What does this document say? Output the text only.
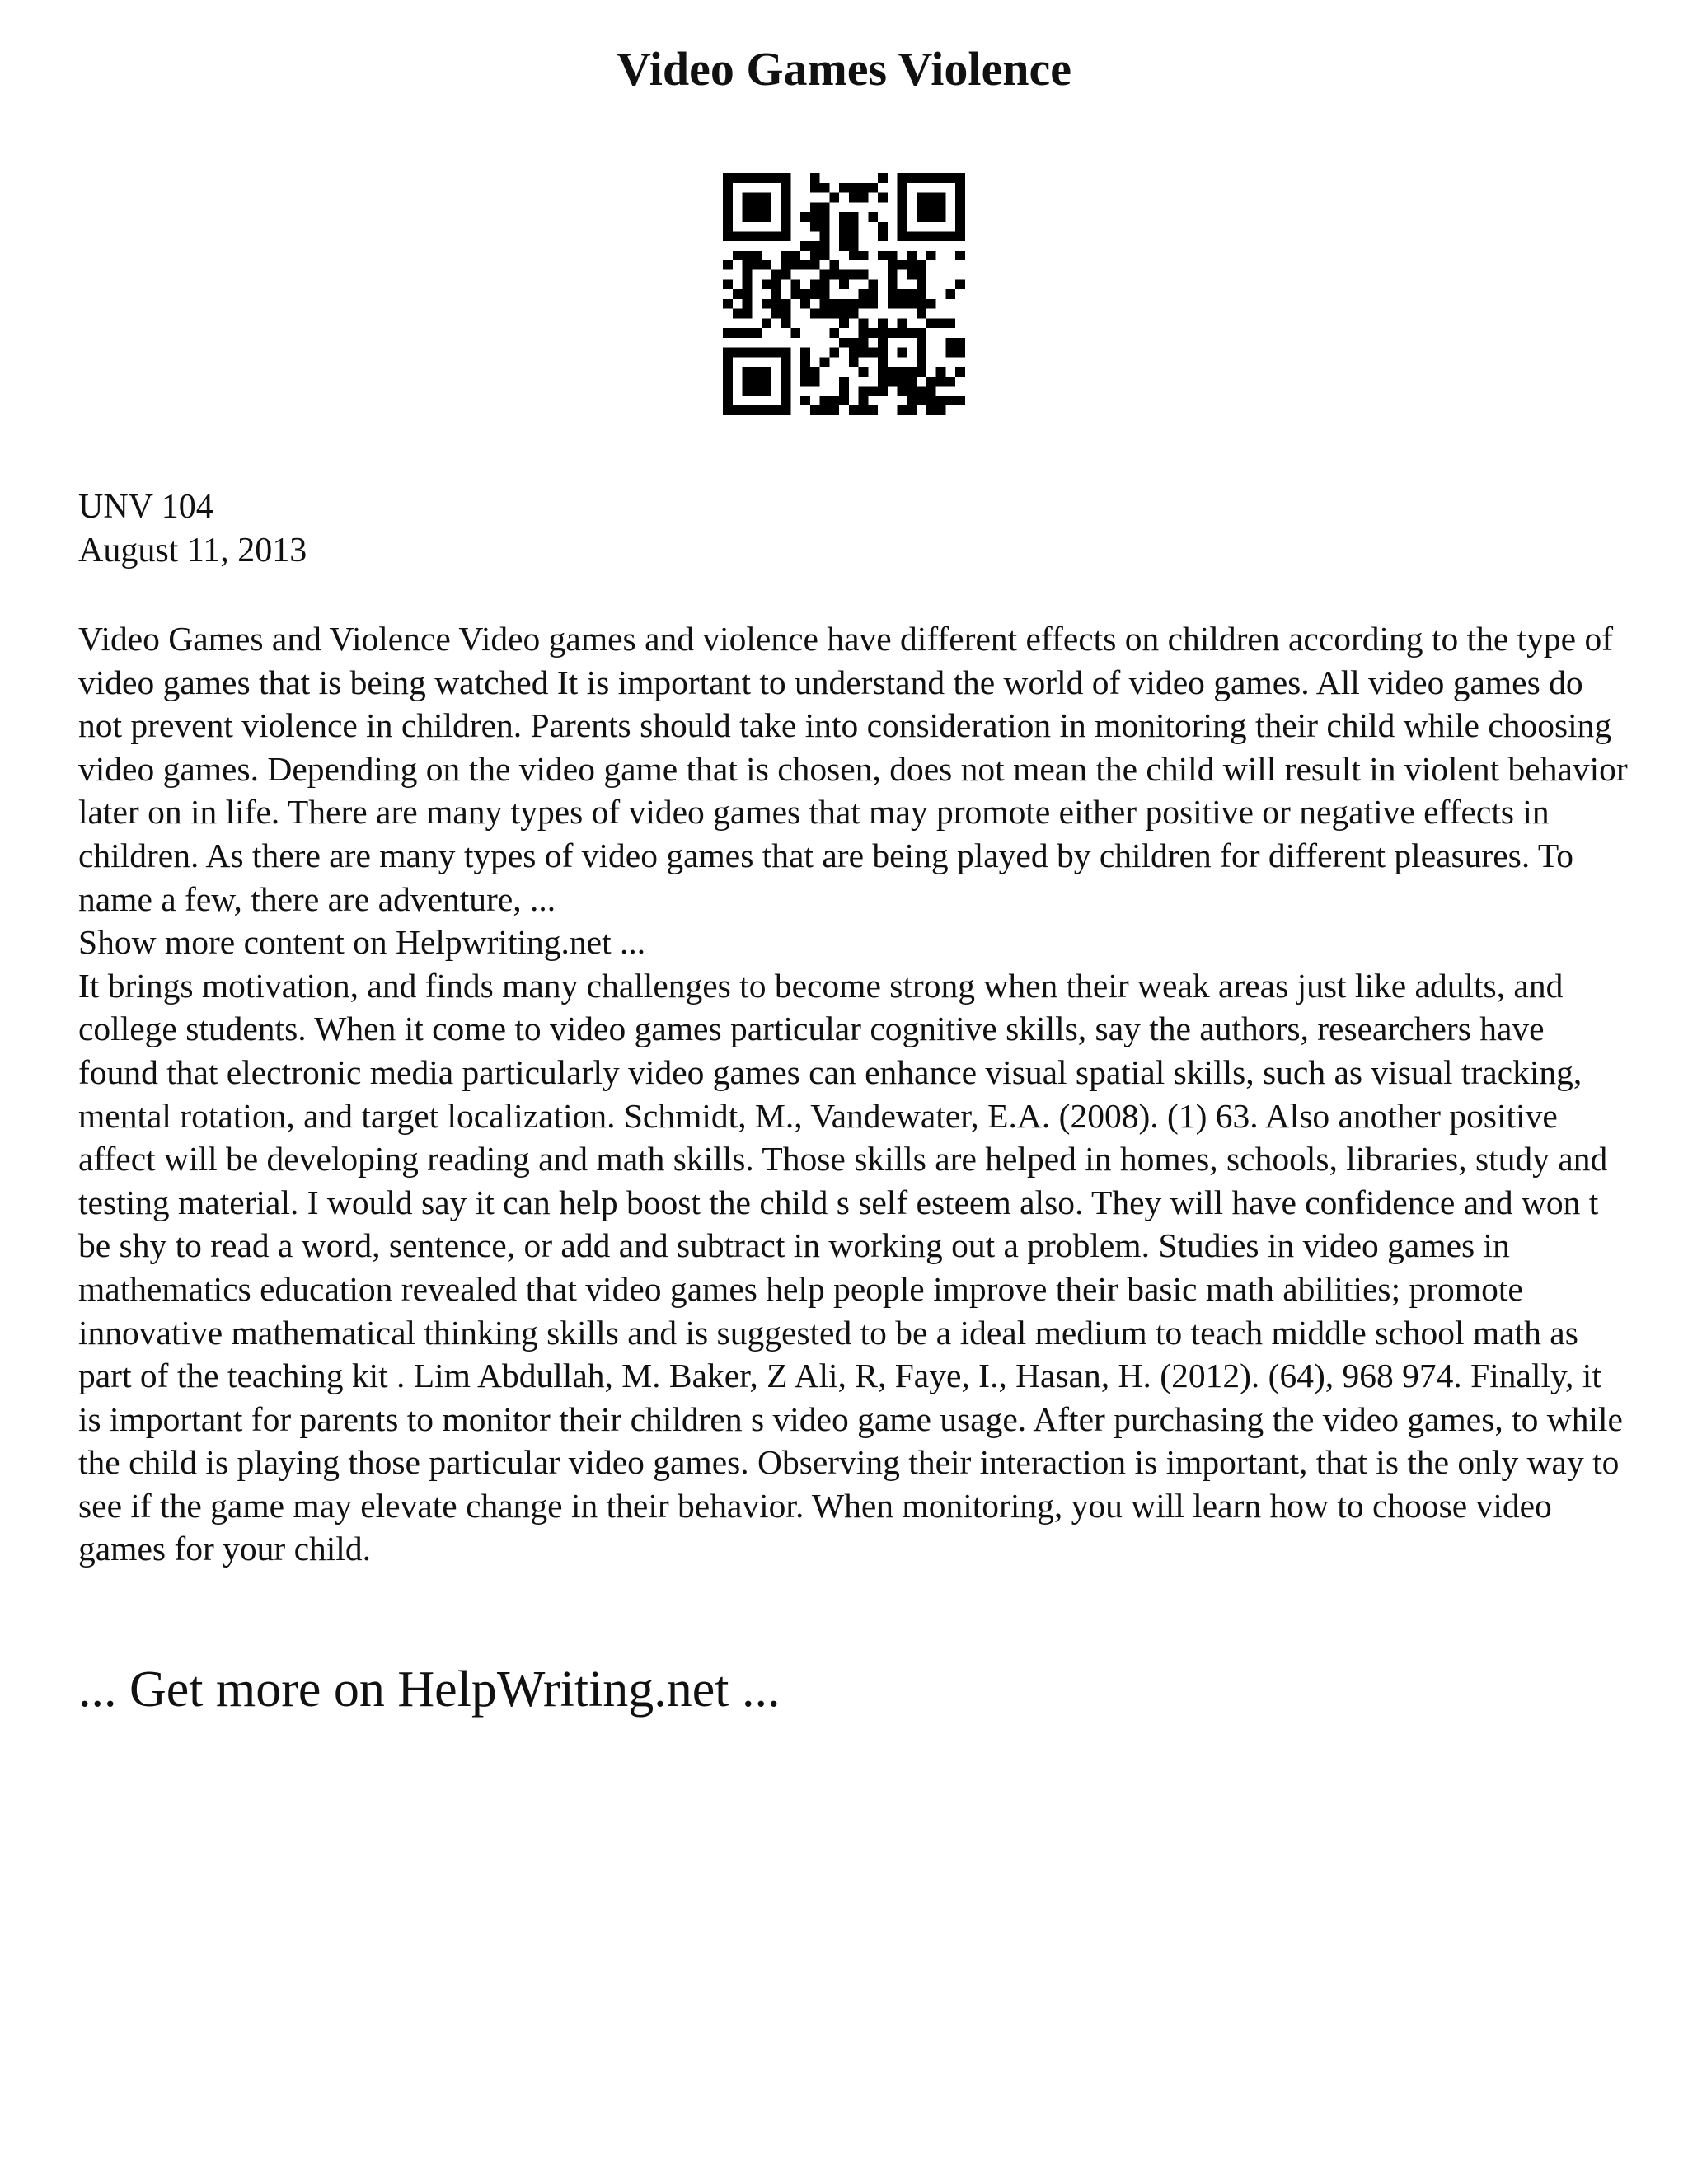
Video Games Violence
UNV 104
August 11, 2013

Video Games and Violence Video games and violence have different effects on children according to the type of video games that is being watched It is important to understand the world of video games. All video games do not prevent violence in children. Parents should take into consideration in monitoring their child while choosing video games. Depending on the video game that is chosen, does not mean the child will result in violent behavior later on in life. There are many types of video games that may promote either positive or negative effects in children. As there are many types of video games that are being played by children for different pleasures. To name a few, there are adventure, ...

Show more content on Helpwriting.net ...

It brings motivation, and finds many challenges to become strong when their weak areas just like adults, and college students. When it come to video games particular cognitive skills, say the authors, researchers have found that electronic media particularly video games can enhance visual spatial skills, such as visual tracking, mental rotation, and target localization. Schmidt, M., Vandewater, E.A. (2008). (1) 63. Also another positive affect will be developing reading and math skills. Those skills are helped in homes, schools, libraries, study and testing material. I would say it can help boost the child s self esteem also. They will have confidence and won t be shy to read a word, sentence, or add and subtract in working out a problem. Studies in video games in mathematics education revealed that video games help people improve their basic math abilities; promote innovative mathematical thinking skills and is suggested to be a ideal medium to teach middle school math as part of the teaching kit . Lim Abdullah, M. Baker, Z Ali, R, Faye, I., Hasan, H. (2012). (64), 968 974. Finally, it is important for parents to monitor their children s video game usage. After purchasing the video games, to while the child is playing those particular video games. Observing their interaction is important, that is the only way to see if the game may elevate change in their behavior. When monitoring, you will learn how to choose video games for your child.

... Get more on HelpWriting.net ...
